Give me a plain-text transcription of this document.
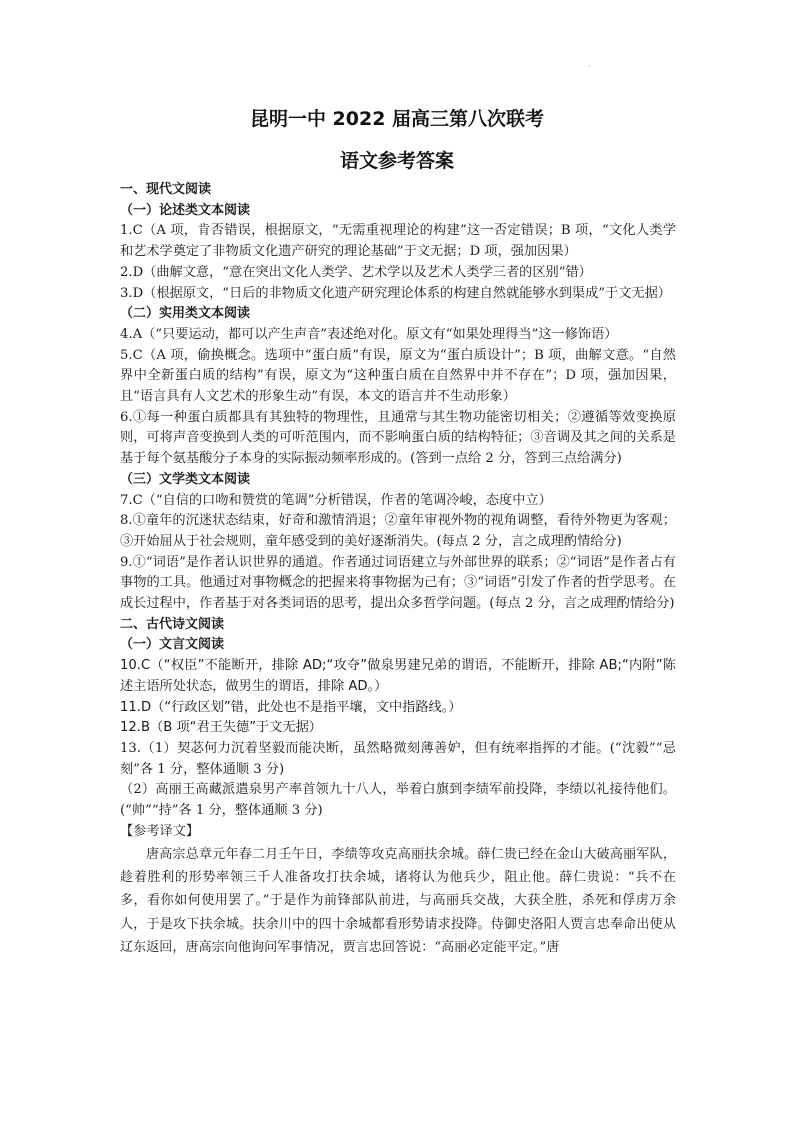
·
昆明一中 2022 届高三第八次联考
语文参考答案

一、现代文阅读

（一）论述类文本阅读

1.C（A 项，肯否错误，根据原文，“无需重视理论的构建”这一否定错误；B 项，“文化人类学和艺术学奠定了非物质文化遗产研究的理论基础”于文无据；D 项，强加因果）

2.D（曲解文意，“意在突出文化人类学、艺术学以及艺术人类学三者的区别”错）

3.D（根据原文，“日后的非物质文化遗产研究理论体系的构建自然就能够水到渠成”于文无据）

（二）实用类文本阅读

4.A（“只要运动，都可以产生声音”表述绝对化。原文有“如果处理得当”这一修饰语）

5.C（A 项，偷换概念。选项中“蛋白质”有误，原文为“蛋白质设计”；B 项，曲解文意。“自然界中全新蛋白质的结构”有误，原文为“这种蛋白质在自然界中并不存在”；D 项，强加因果，且“语言具有人文艺术的形象生动”有误，本文的语言并不生动形象）

6.①每一种蛋白质都具有其独特的物理性，且通常与其生物功能密切相关；②遵循等效变换原则，可将声音变换到人类的可听范围内，而不影响蛋白质的结构特征；③音调及其之间的关系是基于每个氨基酸分子本身的实际振动频率形成的。(答到一点给 2 分，答到三点给满分)

（三）文学类文本阅读

7.C（“自信的口吻和赞赏的笔调”分析错误，作者的笔调冷峻，态度中立）

8.①童年的沉迷状态结束，好奇和激情消退；②童年审视外物的视角调整，看待外物更为客观；③开始屈从于社会规则，童年感受到的美好逐渐消失。(每点 2 分，言之成理酌情给分)

9.①“词语”是作者认识世界的通道。作者通过词语建立与外部世界的联系；②“词语”是作者占有事物的工具。他通过对事物概念的把握来将事物据为己有；③“词语”引发了作者的哲学思考。在成长过程中，作者基于对各类词语的思考，提出众多哲学问题。(每点 2 分，言之成理酌情给分)

二、古代诗文阅读

（一）文言文阅读

10.C（“权臣”不能断开，排除 AD;“攻夺”做泉男建兄弟的谓语，不能断开，排除 AB;“内附”陈述主语所处状态，做男生的谓语，排除 AD。）

11.D（“行政区划”错，此处也不是指平壤，文中指路线。）

12.B（B 项“君王失德”于文无据）

13.（1）契苾何力沉着坚毅而能决断，虽然略微刻薄善妒，但有统率指挥的才能。(“沈毅”“忌刻”各 1 分，整体通顺 3 分)

（2）高丽王高藏派遣泉男产率首领九十八人，举着白旗到李绩军前投降，李绩以礼接待他们。(“帅”“持”各 1 分，整体通顺 3 分)

【参考译文】

唐高宗总章元年春二月壬午日，李绩等攻克高丽扶余城。薛仁贵已经在金山大破高丽军队，趁着胜利的形势率领三千人准备攻打扶余城，诸将认为他兵少，阻止他。薛仁贵说：“兵不在多，看你如何使用罢了。”于是作为前锋部队前进，与高丽兵交战，大获全胜，杀死和俘虏万余人，于是攻下扶余城。扶余川中的四十余城都看形势请求投降。侍御史洛阳人贾言忠奉命出使从辽东返回，唐高宗向他询问军事情况，贾言忠回答说：“高丽必定能平定。”唐
